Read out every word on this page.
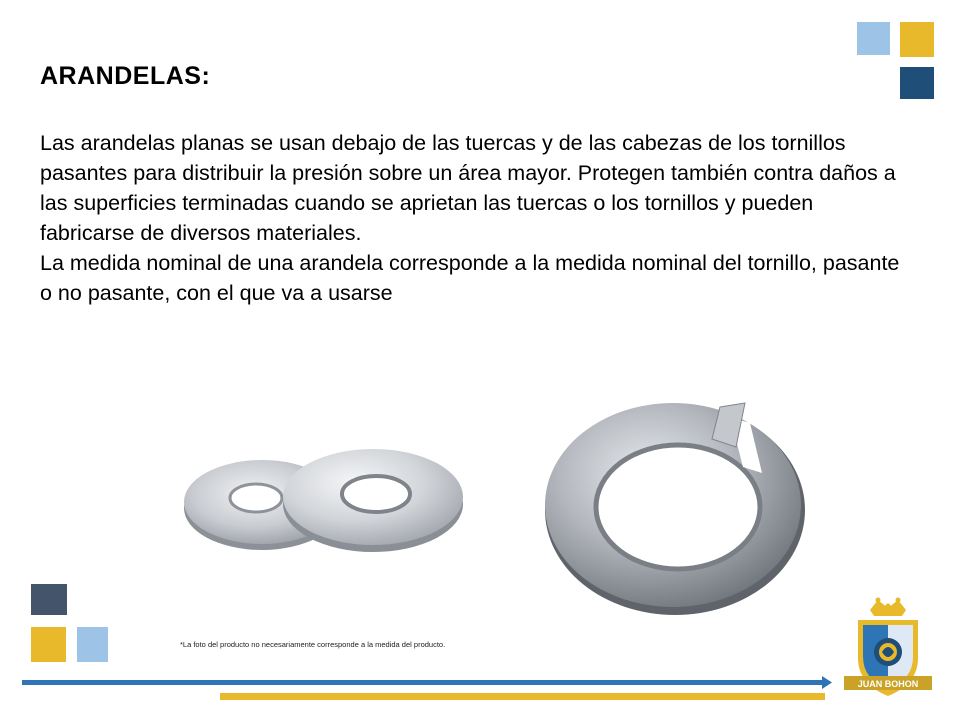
ARANDELAS:

Las arandelas planas se usan debajo de las tuercas y de las cabezas de los tornillos pasantes para distribuir la presión sobre un área mayor. Protegen también contra daños a las superficies terminadas cuando se aprietan las tuercas o los tornillos y pueden fabricarse de diversos materiales.

La medida nominal de una arandela corresponde a la medida nominal del tornillo, pasante o no pasante, con el que va a usarse

*La foto del producto no necesariamente corresponde a la medida del producto.
JUAN BOHON
